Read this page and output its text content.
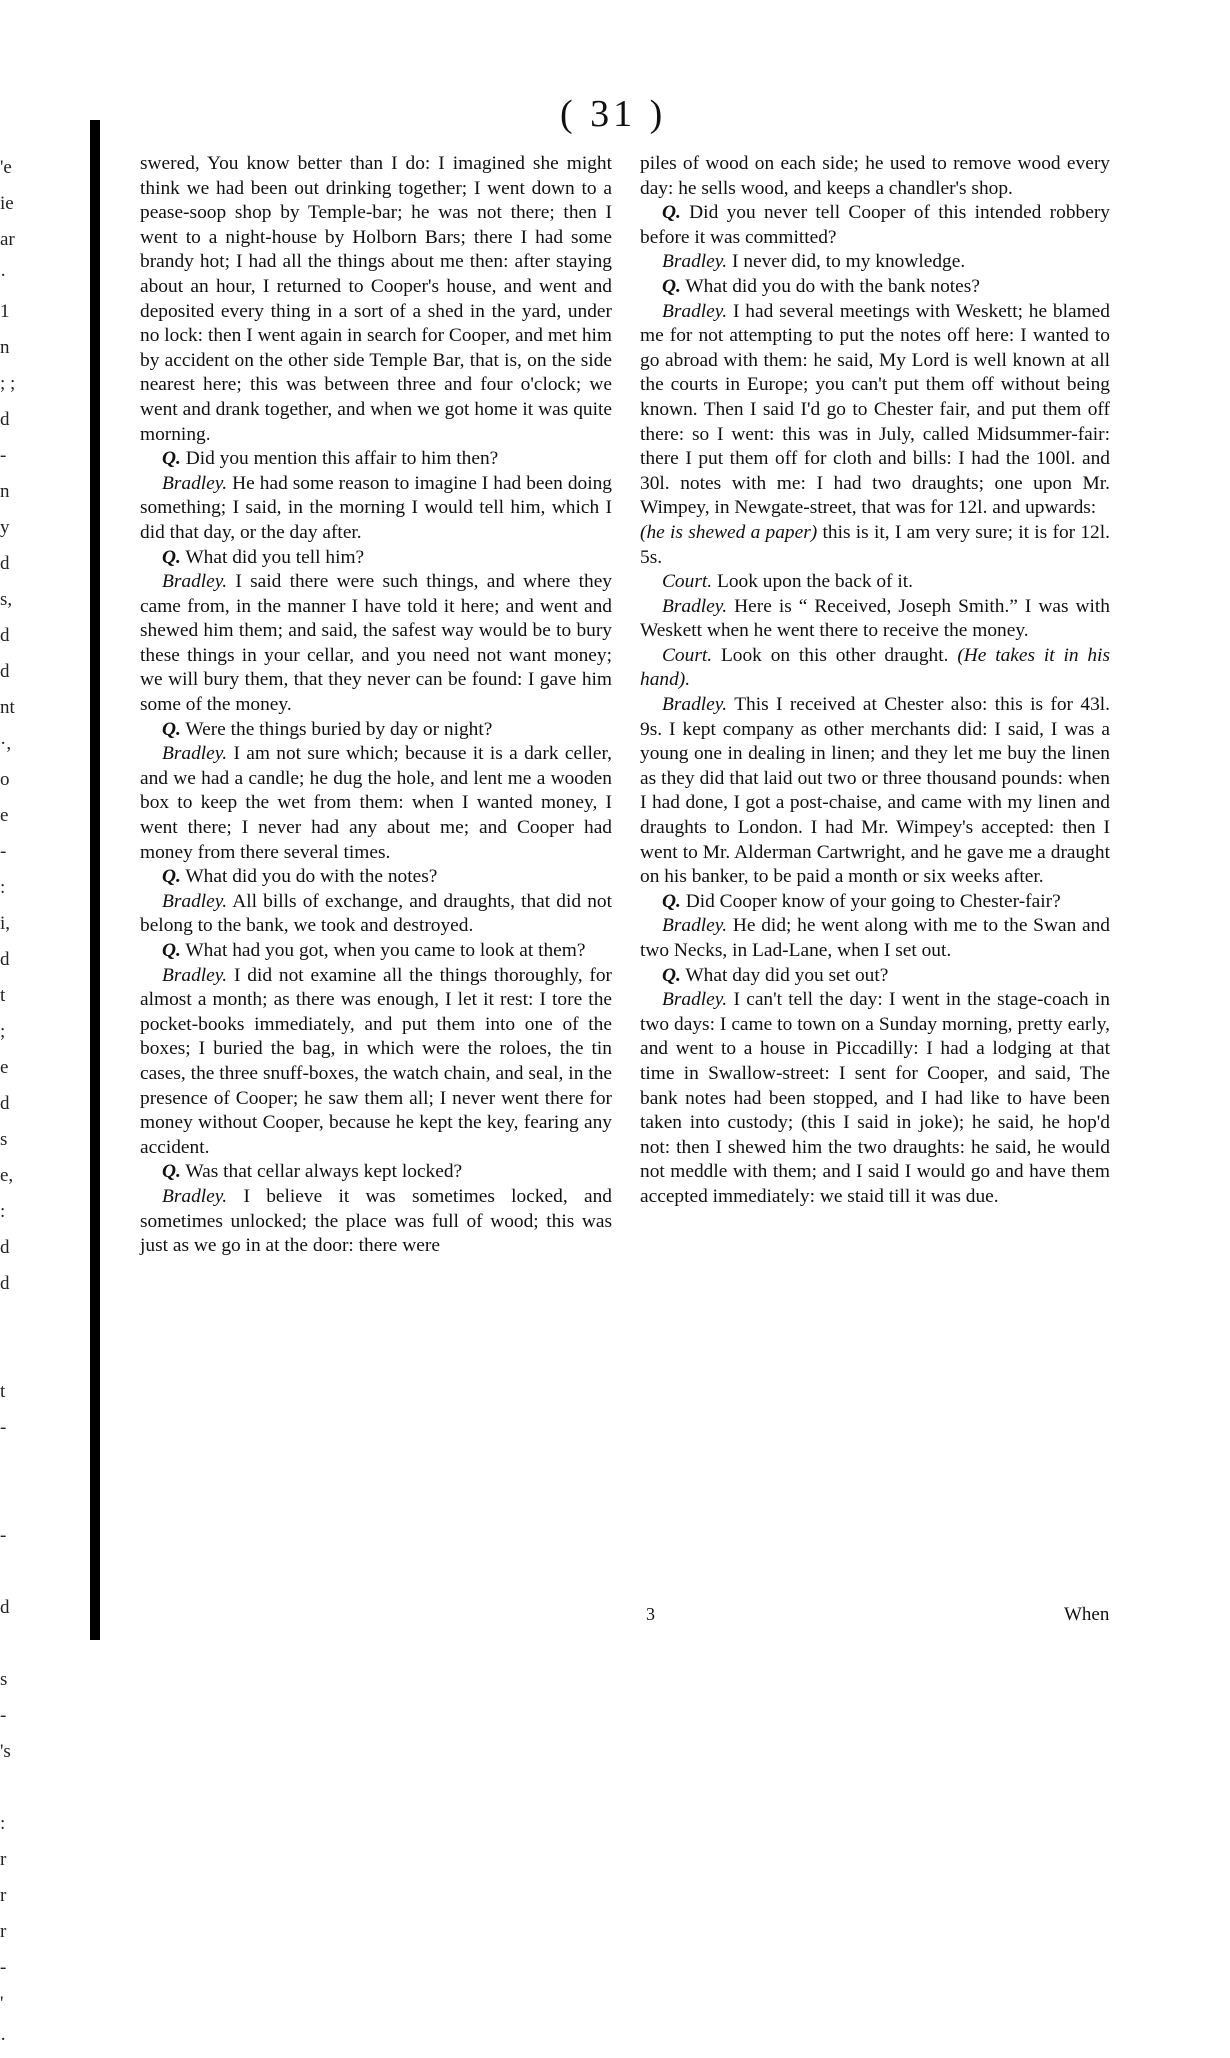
'e
ie
ar
·
1
n
; ;
d
-
n
y
d
s,
d
d
nt
·,
o
e
-
:
i,
d
t
;
e
d
s
e,
:
d
d
t
-
-
d
s
-
's
:
r
r
r
-
'
·
( 31 )

swered, You know better than I do: I imagined she might think we had been out drinking together; I went down to a pease-soop shop by Temple-bar; he was not there; then I went to a night-house by Holborn Bars; there I had some brandy hot; I had all the things about me then: after staying about an hour, I returned to Cooper's house, and went and deposited every thing in a sort of a shed in the yard, under no lock: then I went again in search for Cooper, and met him by accident on the other side Temple Bar, that is, on the side nearest here; this was between three and four o'clock; we went and drank together, and when we got home it was quite morning.

Q. Did you mention this affair to him then?

Bradley. He had some reason to imagine I had been doing something; I said, in the morning I would tell him, which I did that day, or the day after.

Q. What did you tell him?

Bradley. I said there were such things, and where they came from, in the manner I have told it here; and went and shewed him them; and said, the safest way would be to bury these things in your cellar, and you need not want money; we will bury them, that they never can be found: I gave him some of the money.

Q. Were the things buried by day or night?

Bradley. I am not sure which; because it is a dark celler, and we had a candle; he dug the hole, and lent me a wooden box to keep the wet from them: when I wanted money, I went there; I never had any about me; and Cooper had money from there several times.

Q. What did you do with the notes?

Bradley. All bills of exchange, and draughts, that did not belong to the bank, we took and destroyed.

Q. What had you got, when you came to look at them?

Bradley. I did not examine all the things thoroughly, for almost a month; as there was enough, I let it rest: I tore the pocket-books immediately, and put them into one of the boxes; I buried the bag, in which were the roloes, the tin cases, the three snuff-boxes, the watch chain, and seal, in the presence of Cooper; he saw them all; I never went there for money without Cooper, because he kept the key, fearing any accident.

Q. Was that cellar always kept locked?

Bradley. I believe it was sometimes locked, and sometimes unlocked; the place was full of wood; this was just as we go in at the door: there were

piles of wood on each side; he used to remove wood every day: he sells wood, and keeps a chandler's shop.

Q. Did you never tell Cooper of this intended robbery before it was committed?

Bradley. I never did, to my knowledge.

Q. What did you do with the bank notes?

Bradley. I had several meetings with Weskett; he blamed me for not attempting to put the notes off here: I wanted to go abroad with them: he said, My Lord is well known at all the courts in Europe; you can't put them off without being known. Then I said I'd go to Chester fair, and put them off there: so I went: this was in July, called Midsummer-fair: there I put them off for cloth and bills: I had the 100l. and 30l. notes with me: I had two draughts; one upon Mr. Wimpey, in Newgate-street, that was for 12l. and upwards:

(he is shewed a paper) this is it, I am very sure; it is for 12l. 5s.

Court. Look upon the back of it.

Bradley. Here is “ Received, Joseph Smith.” I was with Weskett when he went there to receive the money.

Court. Look on this other draught. (He takes it in his hand).

Bradley. This I received at Chester also: this is for 43l. 9s. I kept company as other merchants did: I said, I was a young one in dealing in linen; and they let me buy the linen as they did that laid out two or three thousand pounds: when I had done, I got a post-chaise, and came with my linen and draughts to London. I had Mr. Wimpey's accepted: then I went to Mr. Alderman Cartwright, and he gave me a draught on his banker, to be paid a month or six weeks after.

Q. Did Cooper know of your going to Chester-fair?

Bradley. He did; he went along with me to the Swan and two Necks, in Lad-Lane, when I set out.

Q. What day did you set out?

Bradley. I can't tell the day: I went in the stage-coach in two days: I came to town on a Sunday morning, pretty early, and went to a house in Piccadilly: I had a lodging at that time in Swallow-street: I sent for Cooper, and said, The bank notes had been stopped, and I had like to have been taken into custody; (this I said in joke); he said, he hop'd not: then I shewed him the two draughts: he said, he would not meddle with them; and I said I would go and have them accepted immediately: we staid till it was due.

3	When
